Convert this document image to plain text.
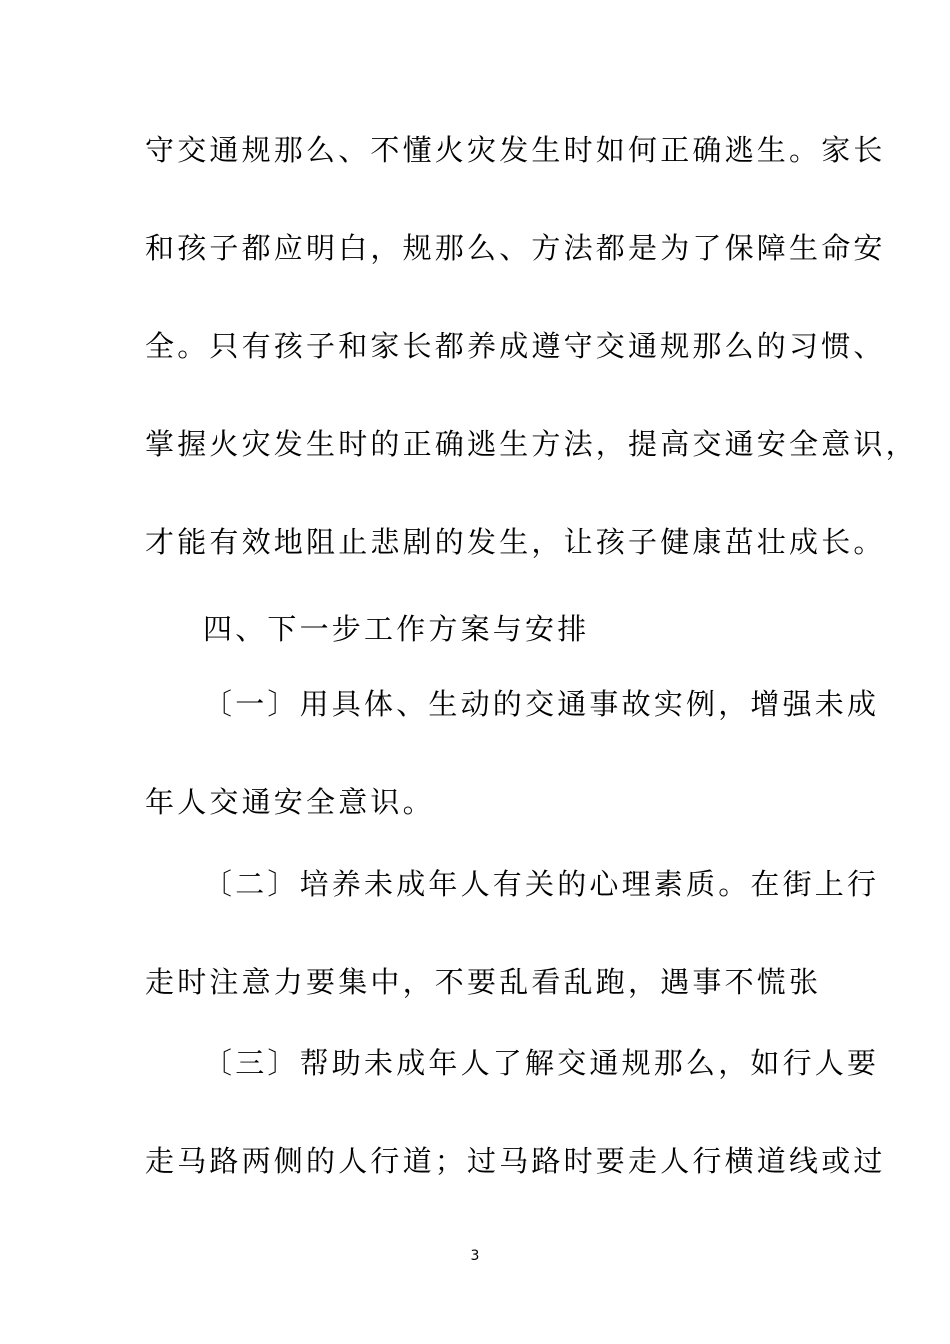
守交通规那么、不懂火灾发生时如何正确逃生。家长
和孩子都应明白，规那么、方法都是为了保障生命安
全。只有孩子和家长都养成遵守交通规那么的习惯、
掌握火灾发生时的正确逃生方法，提高交通安全意识，
才能有效地阻止悲剧的发生，让孩子健康茁壮成长。
四、下一步工作方案与安排
〔一〕用具体、生动的交通事故实例，增强未成
年人交通安全意识。
〔二〕培养未成年人有关的心理素质。在街上行
走时注意力要集中，不要乱看乱跑，遇事不慌张
〔三〕帮助未成年人了解交通规那么，如行人要
走马路两侧的人行道；过马路时要走人行横道线或过
3
